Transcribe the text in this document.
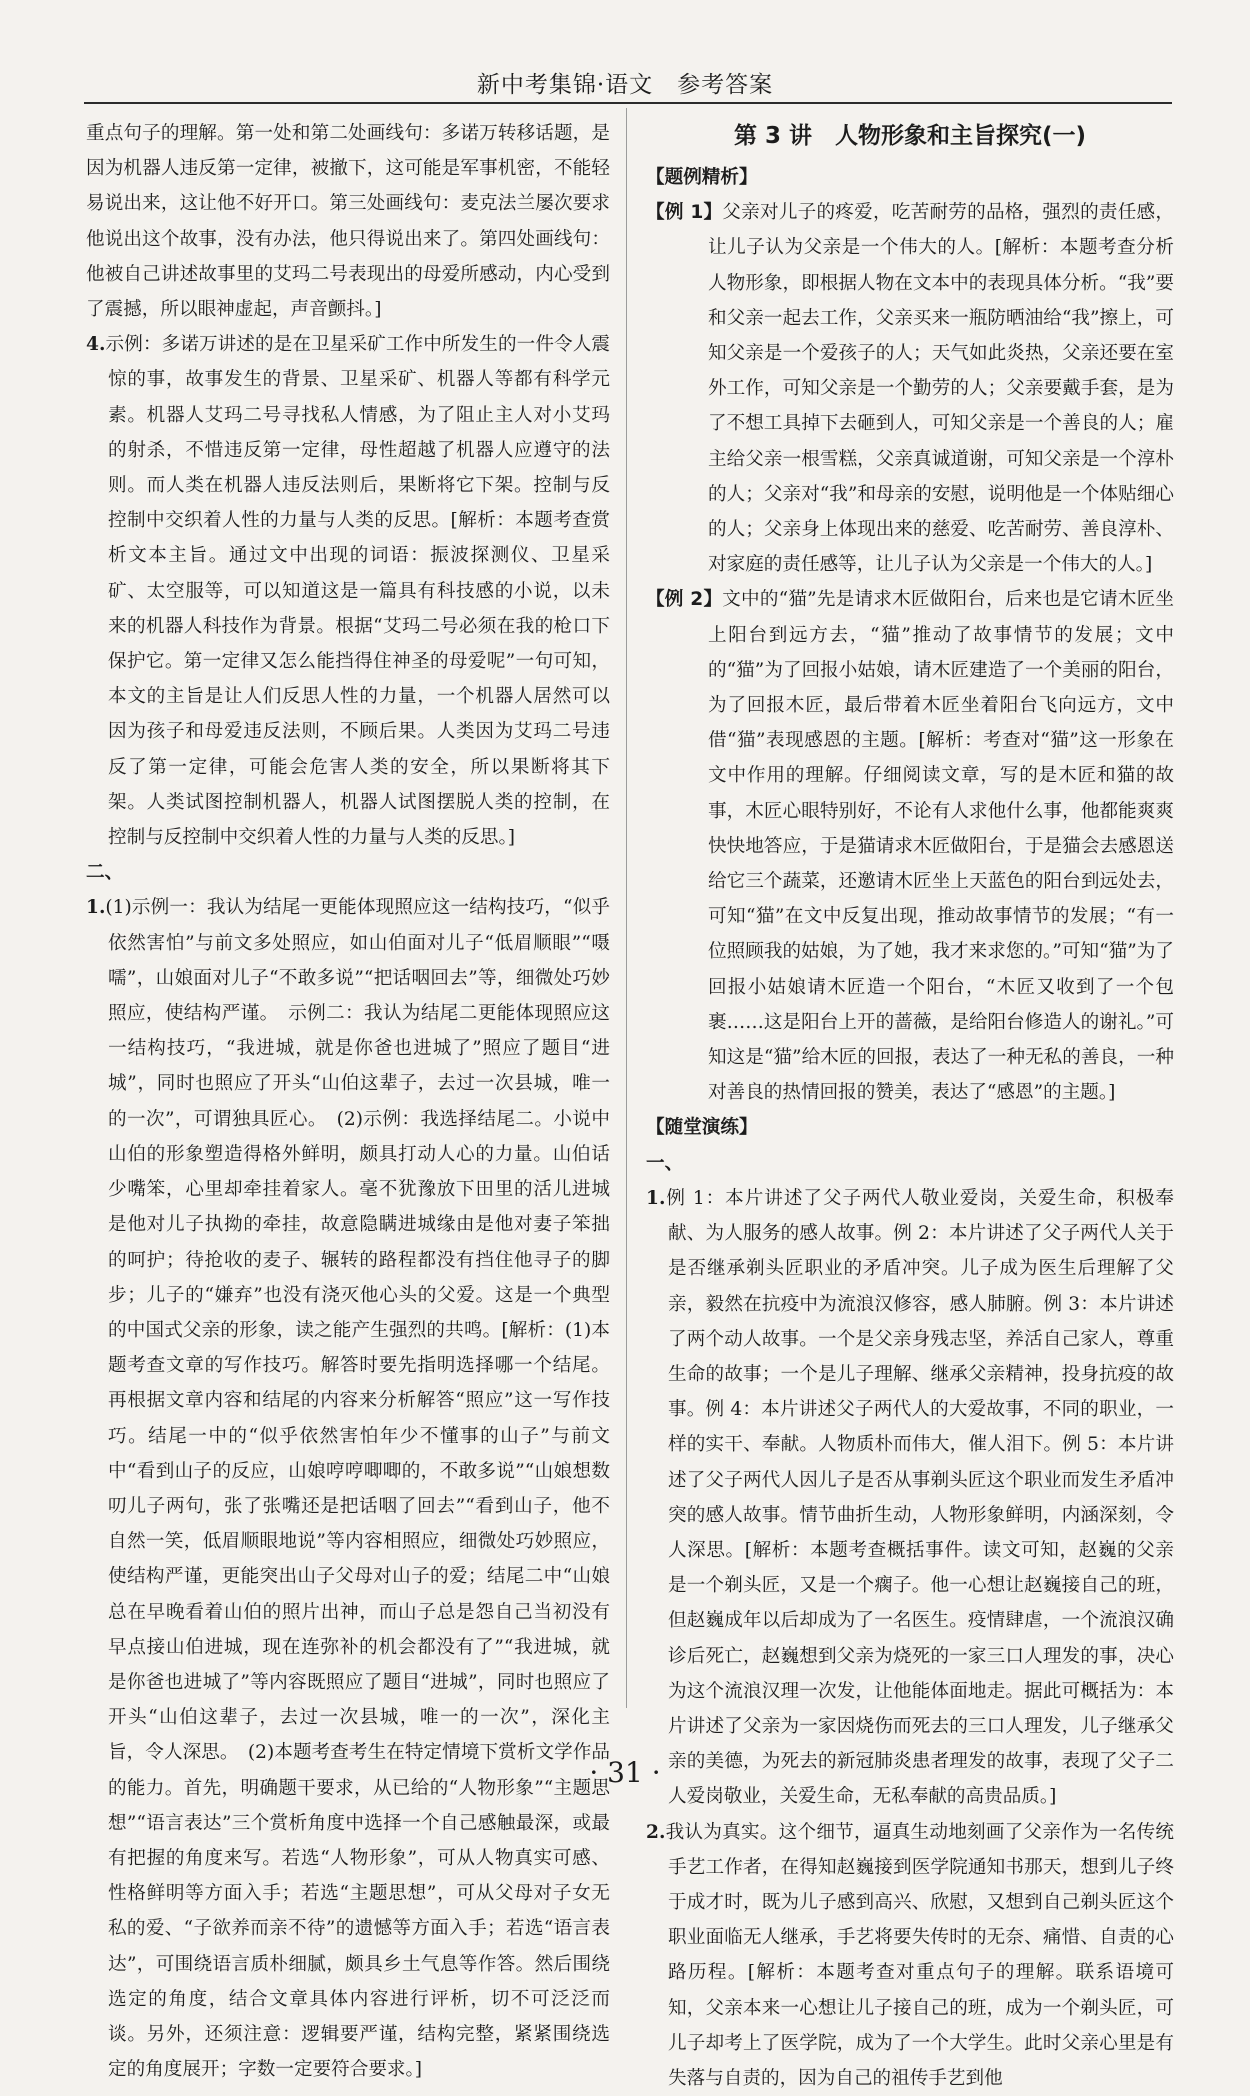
新中考集锦·语文　参考答案

重点句子的理解。第一处和第二处画线句：多诺万转移话题，是因为机器人违反第一定律，被撤下，这可能是军事机密，不能轻易说出来，这让他不好开口。第三处画线句：麦克法兰屡次要求他说出这个故事，没有办法，他只得说出来了。第四处画线句：他被自己讲述故事里的艾玛二号表现出的母爱所感动，内心受到了震撼，所以眼神虚起，声音颤抖。]

4.示例：多诺万讲述的是在卫星采矿工作中所发生的一件令人震惊的事，故事发生的背景、卫星采矿、机器人等都有科学元素。机器人艾玛二号寻找私人情感，为了阻止主人对小艾玛的射杀，不惜违反第一定律，母性超越了机器人应遵守的法则。而人类在机器人违反法则后，果断将它下架。控制与反控制中交织着人性的力量与人类的反思。[解析：本题考查赏析文本主旨。通过文中出现的词语：振波探测仪、卫星采矿、太空服等，可以知道这是一篇具有科技感的小说，以未来的机器人科技作为背景。根据“艾玛二号必须在我的枪口下保护它。第一定律又怎么能挡得住神圣的母爱呢”一句可知，本文的主旨是让人们反思人性的力量，一个机器人居然可以因为孩子和母爱违反法则，不顾后果。人类因为艾玛二号违反了第一定律，可能会危害人类的安全，所以果断将其下架。人类试图控制机器人，机器人试图摆脱人类的控制，在控制与反控制中交织着人性的力量与人类的反思。]

二、

1.(1)示例一：我认为结尾一更能体现照应这一结构技巧，“似乎依然害怕”与前文多处照应，如山伯面对儿子“低眉顺眼”“嗫嚅”，山娘面对儿子“不敢多说”“把话咽回去”等，细微处巧妙照应，使结构严谨。　示例二：我认为结尾二更能体现照应这一结构技巧，“我进城，就是你爸也进城了”照应了题目“进城”，同时也照应了开头“山伯这辈子，去过一次县城，唯一的一次”，可谓独具匠心。　(2)示例：我选择结尾二。小说中山伯的形象塑造得格外鲜明，颇具打动人心的力量。山伯话少嘴笨，心里却牵挂着家人。毫不犹豫放下田里的活儿进城是他对儿子执拗的牵挂，故意隐瞒进城缘由是他对妻子笨拙的呵护；待抢收的麦子、辗转的路程都没有挡住他寻子的脚步；儿子的“嫌弃”也没有浇灭他心头的父爱。这是一个典型的中国式父亲的形象，读之能产生强烈的共鸣。[解析：(1)本题考查文章的写作技巧。解答时要先指明选择哪一个结尾。再根据文章内容和结尾的内容来分析解答“照应”这一写作技巧。结尾一中的“似乎依然害怕年少不懂事的山子”与前文中“看到山子的反应，山娘哼哼唧唧的，不敢多说”“山娘想数叨儿子两句，张了张嘴还是把话咽了回去”“看到山子，他不自然一笑，低眉顺眼地说”等内容相照应，细微处巧妙照应，使结构严谨，更能突出山子父母对山子的爱；结尾二中“山娘总在早晚看着山伯的照片出神，而山子总是怨自己当初没有早点接山伯进城，现在连弥补的机会都没有了”“我进城，就是你爸也进城了”等内容既照应了题目“进城”，同时也照应了开头“山伯这辈子，去过一次县城，唯一的一次”，深化主旨，令人深思。　(2)本题考查考生在特定情境下赏析文学作品的能力。首先，明确题干要求，从已给的“人物形象”“主题思想”“语言表达”三个赏析角度中选择一个自己感触最深，或最有把握的角度来写。若选“人物形象”，可从人物真实可感、性格鲜明等方面入手；若选“主题思想”，可从父母对子女无私的爱、“子欲养而亲不待”的遗憾等方面入手；若选“语言表达”，可围绕语言质朴细腻，颇具乡土气息等作答。然后围绕选定的角度，结合文章具体内容进行评析，切不可泛泛而谈。另外，还须注意：逻辑要严谨，结构完整，紧紧围绕选定的角度展开；字数一定要符合要求。]

第 3 讲　人物形象和主旨探究(一)

【题例精析】

【例 1】父亲对儿子的疼爱，吃苦耐劳的品格，强烈的责任感，让儿子认为父亲是一个伟大的人。[解析：本题考查分析人物形象，即根据人物在文本中的表现具体分析。“我”要和父亲一起去工作，父亲买来一瓶防晒油给“我”擦上，可知父亲是一个爱孩子的人；天气如此炎热，父亲还要在室外工作，可知父亲是一个勤劳的人；父亲要戴手套，是为了不想工具掉下去砸到人，可知父亲是一个善良的人；雇主给父亲一根雪糕，父亲真诚道谢，可知父亲是一个淳朴的人；父亲对“我”和母亲的安慰，说明他是一个体贴细心的人；父亲身上体现出来的慈爱、吃苦耐劳、善良淳朴、对家庭的责任感等，让儿子认为父亲是一个伟大的人。]

【例 2】文中的“猫”先是请求木匠做阳台，后来也是它请木匠坐上阳台到远方去，“猫”推动了故事情节的发展；文中的“猫”为了回报小姑娘，请木匠建造了一个美丽的阳台，为了回报木匠，最后带着木匠坐着阳台飞向远方，文中借“猫”表现感恩的主题。[解析：考查对“猫”这一形象在文中作用的理解。仔细阅读文章，写的是木匠和猫的故事，木匠心眼特别好，不论有人求他什么事，他都能爽爽快快地答应，于是猫请求木匠做阳台，于是猫会去感恩送给它三个蔬菜，还邀请木匠坐上天蓝色的阳台到远处去，可知“猫”在文中反复出现，推动故事情节的发展；“有一位照顾我的姑娘，为了她，我才来求您的。”可知“猫”为了回报小姑娘请木匠造一个阳台，“木匠又收到了一个包裹……这是阳台上开的蔷薇，是给阳台修造人的谢礼。”可知这是“猫”给木匠的回报，表达了一种无私的善良，一种对善良的热情回报的赞美，表达了“感恩”的主题。]

【随堂演练】

一、

1.例 1：本片讲述了父子两代人敬业爱岗，关爱生命，积极奉献、为人服务的感人故事。例 2：本片讲述了父子两代人关于是否继承剃头匠职业的矛盾冲突。儿子成为医生后理解了父亲，毅然在抗疫中为流浪汉修容，感人肺腑。例 3：本片讲述了两个动人故事。一个是父亲身残志坚，养活自己家人，尊重生命的故事；一个是儿子理解、继承父亲精神，投身抗疫的故事。例 4：本片讲述父子两代人的大爱故事，不同的职业，一样的实干、奉献。人物质朴而伟大，催人泪下。例 5：本片讲述了父子两代人因儿子是否从事剃头匠这个职业而发生矛盾冲突的感人故事。情节曲折生动，人物形象鲜明，内涵深刻，令人深思。[解析：本题考查概括事件。读文可知，赵巍的父亲是一个剃头匠，又是一个瘸子。他一心想让赵巍接自己的班，但赵巍成年以后却成为了一名医生。疫情肆虐，一个流浪汉确诊后死亡，赵巍想到父亲为烧死的一家三口人理发的事，决心为这个流浪汉理一次发，让他能体面地走。据此可概括为：本片讲述了父亲为一家因烧伤而死去的三口人理发，儿子继承父亲的美德，为死去的新冠肺炎患者理发的故事，表现了父子二人爱岗敬业，关爱生命，无私奉献的高贵品质。]

2.我认为真实。这个细节，逼真生动地刻画了父亲作为一名传统手艺工作者，在得知赵巍接到医学院通知书那天，想到儿子终于成才时，既为儿子感到高兴、欣慰，又想到自己剃头匠这个职业面临无人继承，手艺将要失传时的无奈、痛惜、自责的心路历程。[解析：本题考查对重点句子的理解。联系语境可知，父亲本来一心想让儿子接自己的班，成为一个剃头匠，可儿子却考上了医学院，成为了一个大学生。此时父亲心里是有失落与自责的，因为自己的祖传手艺到他

· 31 ·
